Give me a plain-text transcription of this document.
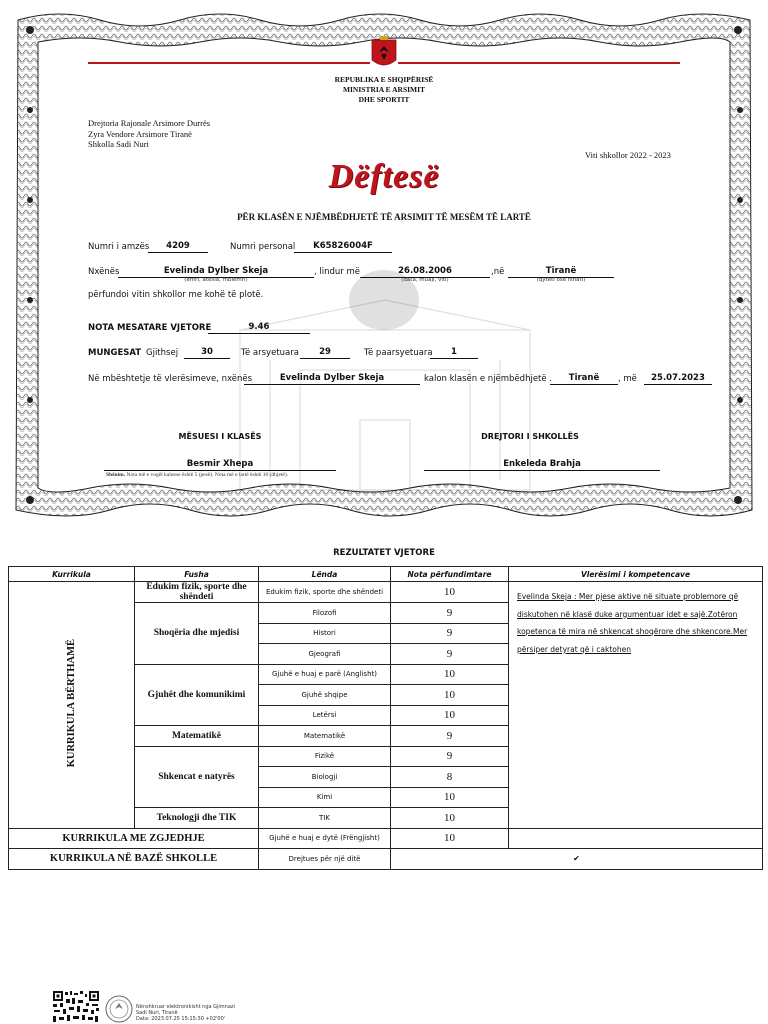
REPUBLIKA E SHQIPËRISË
MINISTRIA E ARSIMIT
DHE SPORTIT
Drejtoria Rajonale Arsimore Durrës
Zyra Vendore Arsimore Tiranë
Shkolla Sadi Nuri
Viti shkollor 2022 - 2023
Dëftesë
PËR KLASËN E NJËMBËDHJETË TË ARSIMIT TË MESËM TË LARTË
Numri i amzës	4209	Numri personal	K65826004F
Nxënës	Evelinda Dylber Skeja
(emri, atësia, mbiemri)
, lindur më	26.08.2006
(data, muaji, viti)
,në	Tiranë
(qyteti ose fshati)
përfundoi vitin shkollor me kohë të plotë.
NOTA MESATARE VJETORE	9.46
MUNGESAT Gjithsej	30	Të arsyetuara	29	Të paarsyetuara	1
Në mbështetje të vlerësimeve, nxënës	Evelinda Dylber Skeja	kalon klasën e njëmbëdhjetë .	Tiranë	, më	25.07.2023
MËSUESI I KLASËS	DREJTORI I SHKOLLËS
Besmir Xhepa	Enkeleda Brahja
Shënim. Nota më e vogël kaluese është 5 (pesë). Nota më e lartë është 10 (dhjetë).
REZULTATET VJETORE
Kurrikula	Fusha	Lënda	Nota përfundimtare	Vlerësimi i kompetencave
KURRIKULA BËRTHAMË	Edukim fizik, sporte dhe shëndeti	Edukim fizik, sporte dhe shëndeti	10	Evelinda Skeja : Mer pjese aktive në situate problemore që diskutohen në klasë duke argumentuar idet e sajë.Zotëron kopetenca të mira në shkencat shoqërore dhe shkencore.Mer përsiper detyrat që i caktohen
	Shoqëria dhe mjedisi	Filozofi	9	
		Histori	9	
		Gjeografi	9	
	Gjuhët dhe komunikimi	Gjuhë e huaj e parë (Anglisht)	10	
		Gjuhë shqipe	10	
		Letërsi	10	
	Matematikë	Matematikë	9	
	Shkencat e natyrës	Fizikë	9	
		Biologji	8	
		Kimi	10	
	Teknologji dhe TIK	TIK	10	
KURRIKULA ME ZGJEDHJE		Gjuhë e huaj e dytë (Frëngjisht)	10	
KURRIKULA NË BAZË SHKOLLE		Drejtues për një ditë	✔	
Nënshkruar elektronikisht nga Gjimnazi
Sadi Nuri, Tiranë
Data: 2023.07.25 15:15:30 +02'00'
